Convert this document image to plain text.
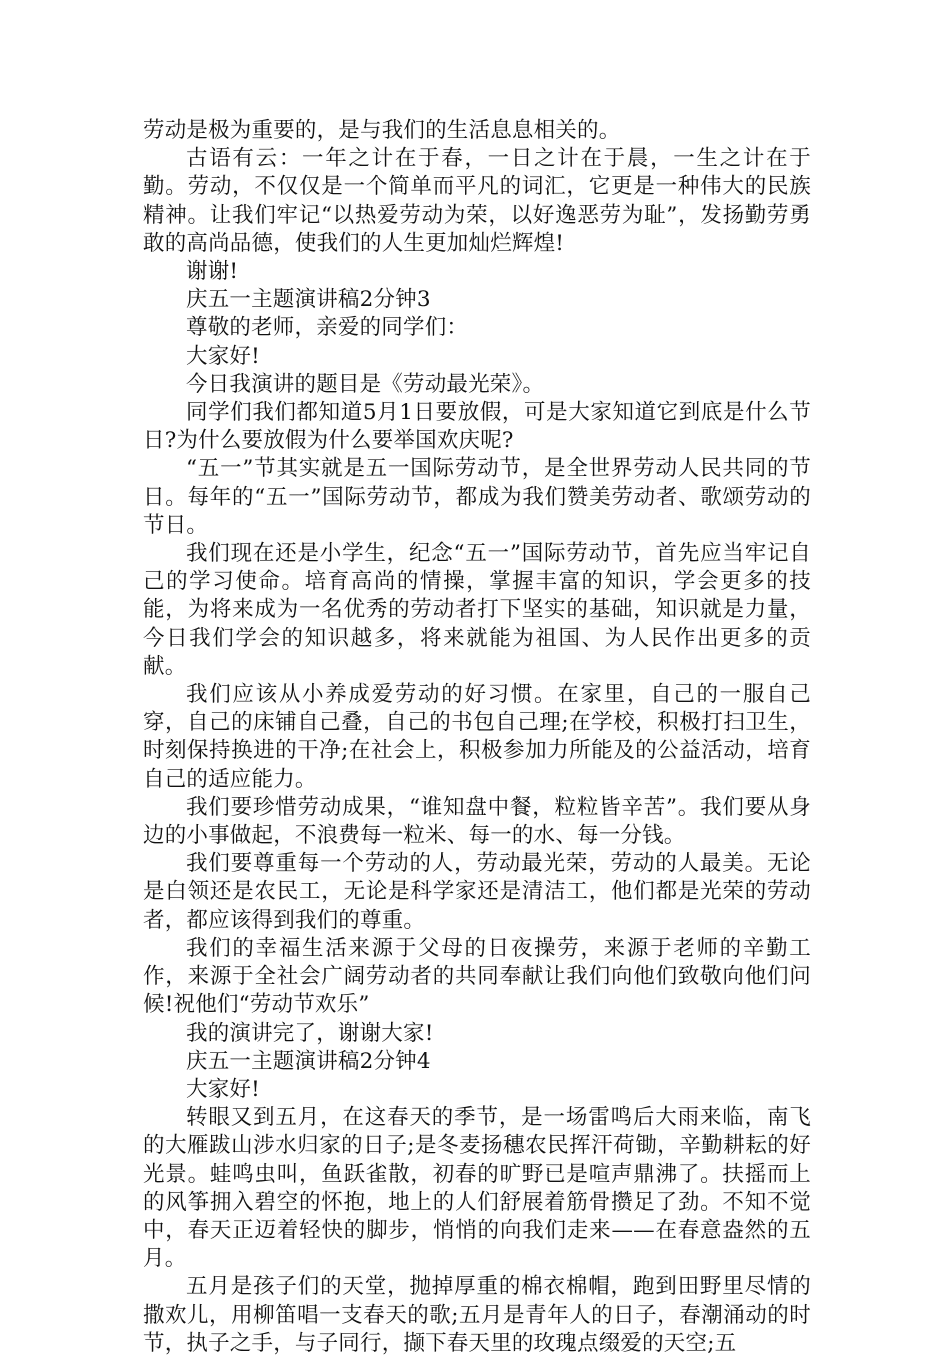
劳动是极为重要的，是与我们的生活息息相关的。

古语有云：一年之计在于春，一日之计在于晨，一生之计在于勤。劳动，不仅仅是一个简单而平凡的词汇，它更是一种伟大的民族精神。让我们牢记“以热爱劳动为荣，以好逸恶劳为耻”，发扬勤劳勇敢的高尚品德，使我们的人生更加灿烂辉煌!

谢谢!

庆五一主题演讲稿2分钟3

尊敬的老师，亲爱的同学们：

大家好!

今日我演讲的题目是《劳动最光荣》。

同学们我们都知道5月1日要放假，可是大家知道它到底是什么节日?为什么要放假为什么要举国欢庆呢?

“五一”节其实就是五一国际劳动节，是全世界劳动人民共同的节日。每年的“五一”国际劳动节，都成为我们赞美劳动者、歌颂劳动的节日。

我们现在还是小学生，纪念“五一”国际劳动节，首先应当牢记自己的学习使命。培育高尚的情操，掌握丰富的知识，学会更多的技能，为将来成为一名优秀的劳动者打下坚实的基础，知识就是力量，今日我们学会的知识越多，将来就能为祖国、为人民作出更多的贡献。

我们应该从小养成爱劳动的好习惯。在家里，自己的一服自己穿，自己的床铺自己叠，自己的书包自己理;在学校，积极打扫卫生，时刻保持换进的干净;在社会上，积极参加力所能及的公益活动，培育自己的适应能力。

我们要珍惜劳动成果，“谁知盘中餐，粒粒皆辛苦”。我们要从身边的小事做起，不浪费每一粒米、每一的水、每一分钱。

我们要尊重每一个劳动的人，劳动最光荣，劳动的人最美。无论是白领还是农民工，无论是科学家还是清洁工，他们都是光荣的劳动者，都应该得到我们的尊重。

我们的幸福生活来源于父母的日夜操劳，来源于老师的辛勤工作，来源于全社会广阔劳动者的共同奉献让我们向他们致敬向他们问候!祝他们“劳动节欢乐”

我的演讲完了，谢谢大家!

庆五一主题演讲稿2分钟4

大家好!

转眼又到五月，在这春天的季节，是一场雷鸣后大雨来临，南飞的大雁跋山涉水归家的日子;是冬麦扬穗农民挥汗荷锄，辛勤耕耘的好光景。蛙鸣虫叫，鱼跃雀散，初春的旷野已是喧声鼎沸了。扶摇而上的风筝拥入碧空的怀抱，地上的人们舒展着筋骨攒足了劲。不知不觉中，春天正迈着轻快的脚步，悄悄的向我们走来——在春意盎然的五月。

五月是孩子们的天堂，抛掉厚重的棉衣棉帽，跑到田野里尽情的撒欢儿，用柳笛唱一支春天的歌;五月是青年人的日子，春潮涌动的时节，执子之手，与子同行，撷下春天里的玫瑰点缀爱的天空;五
